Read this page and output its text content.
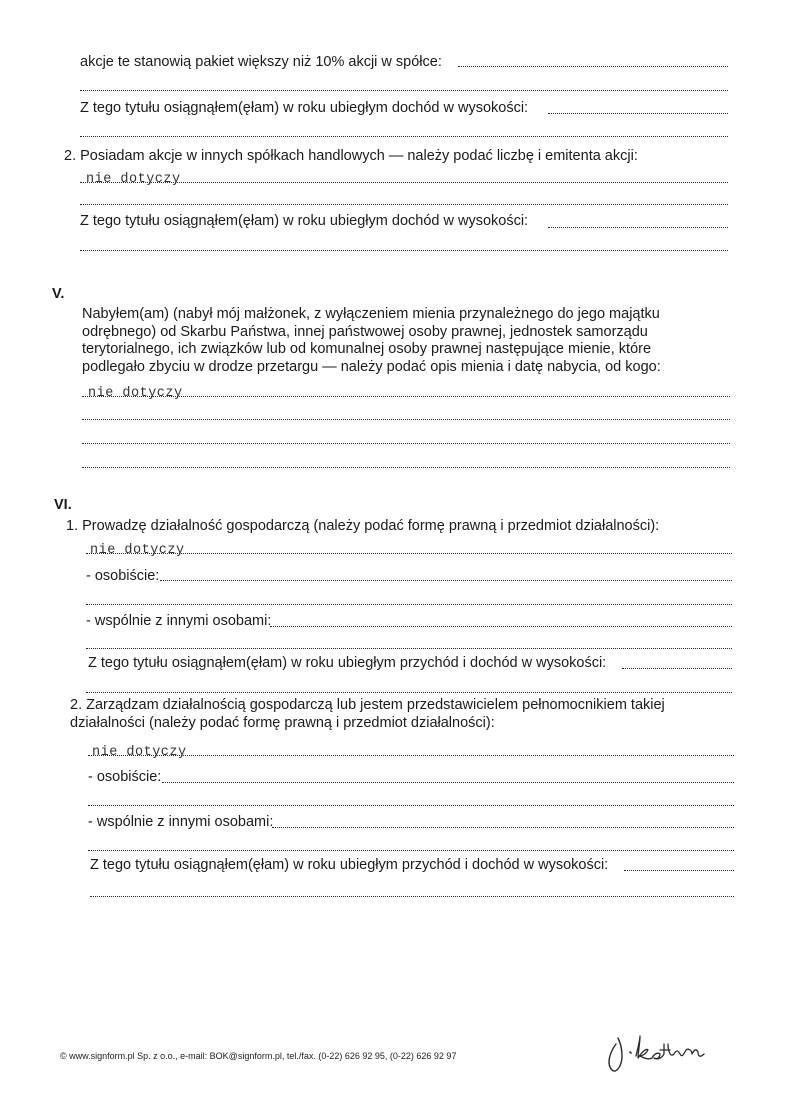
akcje te stanowią pakiet większy niż 10% akcji w spółce:
Z tego tytułu osiągnąłem(ęłam) w roku ubiegłym dochód w wysokości:
2. Posiadam akcje w innych spółkach handlowych — należy podać liczbę i emitenta akcji:
nie dotyczy
Z tego tytułu osiągnąłem(ęłam) w roku ubiegłym dochód w wysokości:
V.
Nabyłem(am) (nabył mój małżonek, z wyłączeniem mienia przynależnego do jego majątku odrębnego) od Skarbu Państwa, innej państwowej osoby prawnej, jednostek samorządu terytorialnego, ich związków lub od komunalnej osoby prawnej następujące mienie, które podlegało zbyciu w drodze przetargu — należy podać opis mienia i datę nabycia, od kogo:
nie dotyczy
VI.
1. Prowadzę działalność gospodarczą (należy podać formę prawną i przedmiot działalności):
nie dotyczy
- osobiście:
- wspólnie z innymi osobami:
Z tego tytułu osiągnąłem(ęłam) w roku ubiegłym przychód i dochód w wysokości:
2. Zarządzam działalnością gospodarczą lub jestem przedstawicielem pełnomocnikiem takiej działalności (należy podać formę prawną i przedmiot działalności):
nie dotyczy
- osobiście:
- wspólnie z innymi osobami:
Z tego tytułu osiągnąłem(ęłam) w roku ubiegłym przychód i dochód w wysokości:
© www.signform.pl Sp. z o.o., e-mail: BOK@signform.pl, tel./fax. (0-22) 626 92 95, (0-22) 626 92 97
